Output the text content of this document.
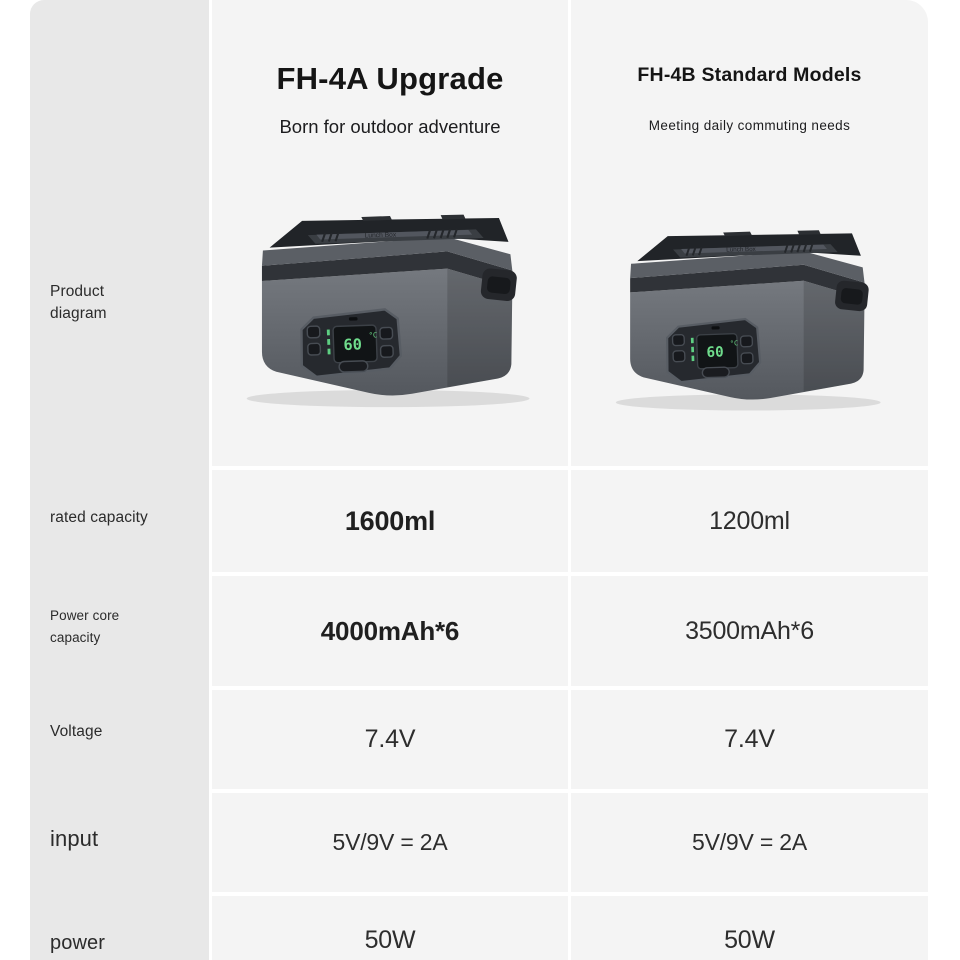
Product
diagram
rated capacity
Power core
capacity
Voltage
input
power
FH-4A Upgrade
Born for outdoor adventure
1600ml
4000mAh*6
7.4V
5V/9V = 2A
50W
FH-4B Standard Models
Meeting daily commuting needs
1200ml
3500mAh*6
7.4V
5V/9V = 2A
50W
